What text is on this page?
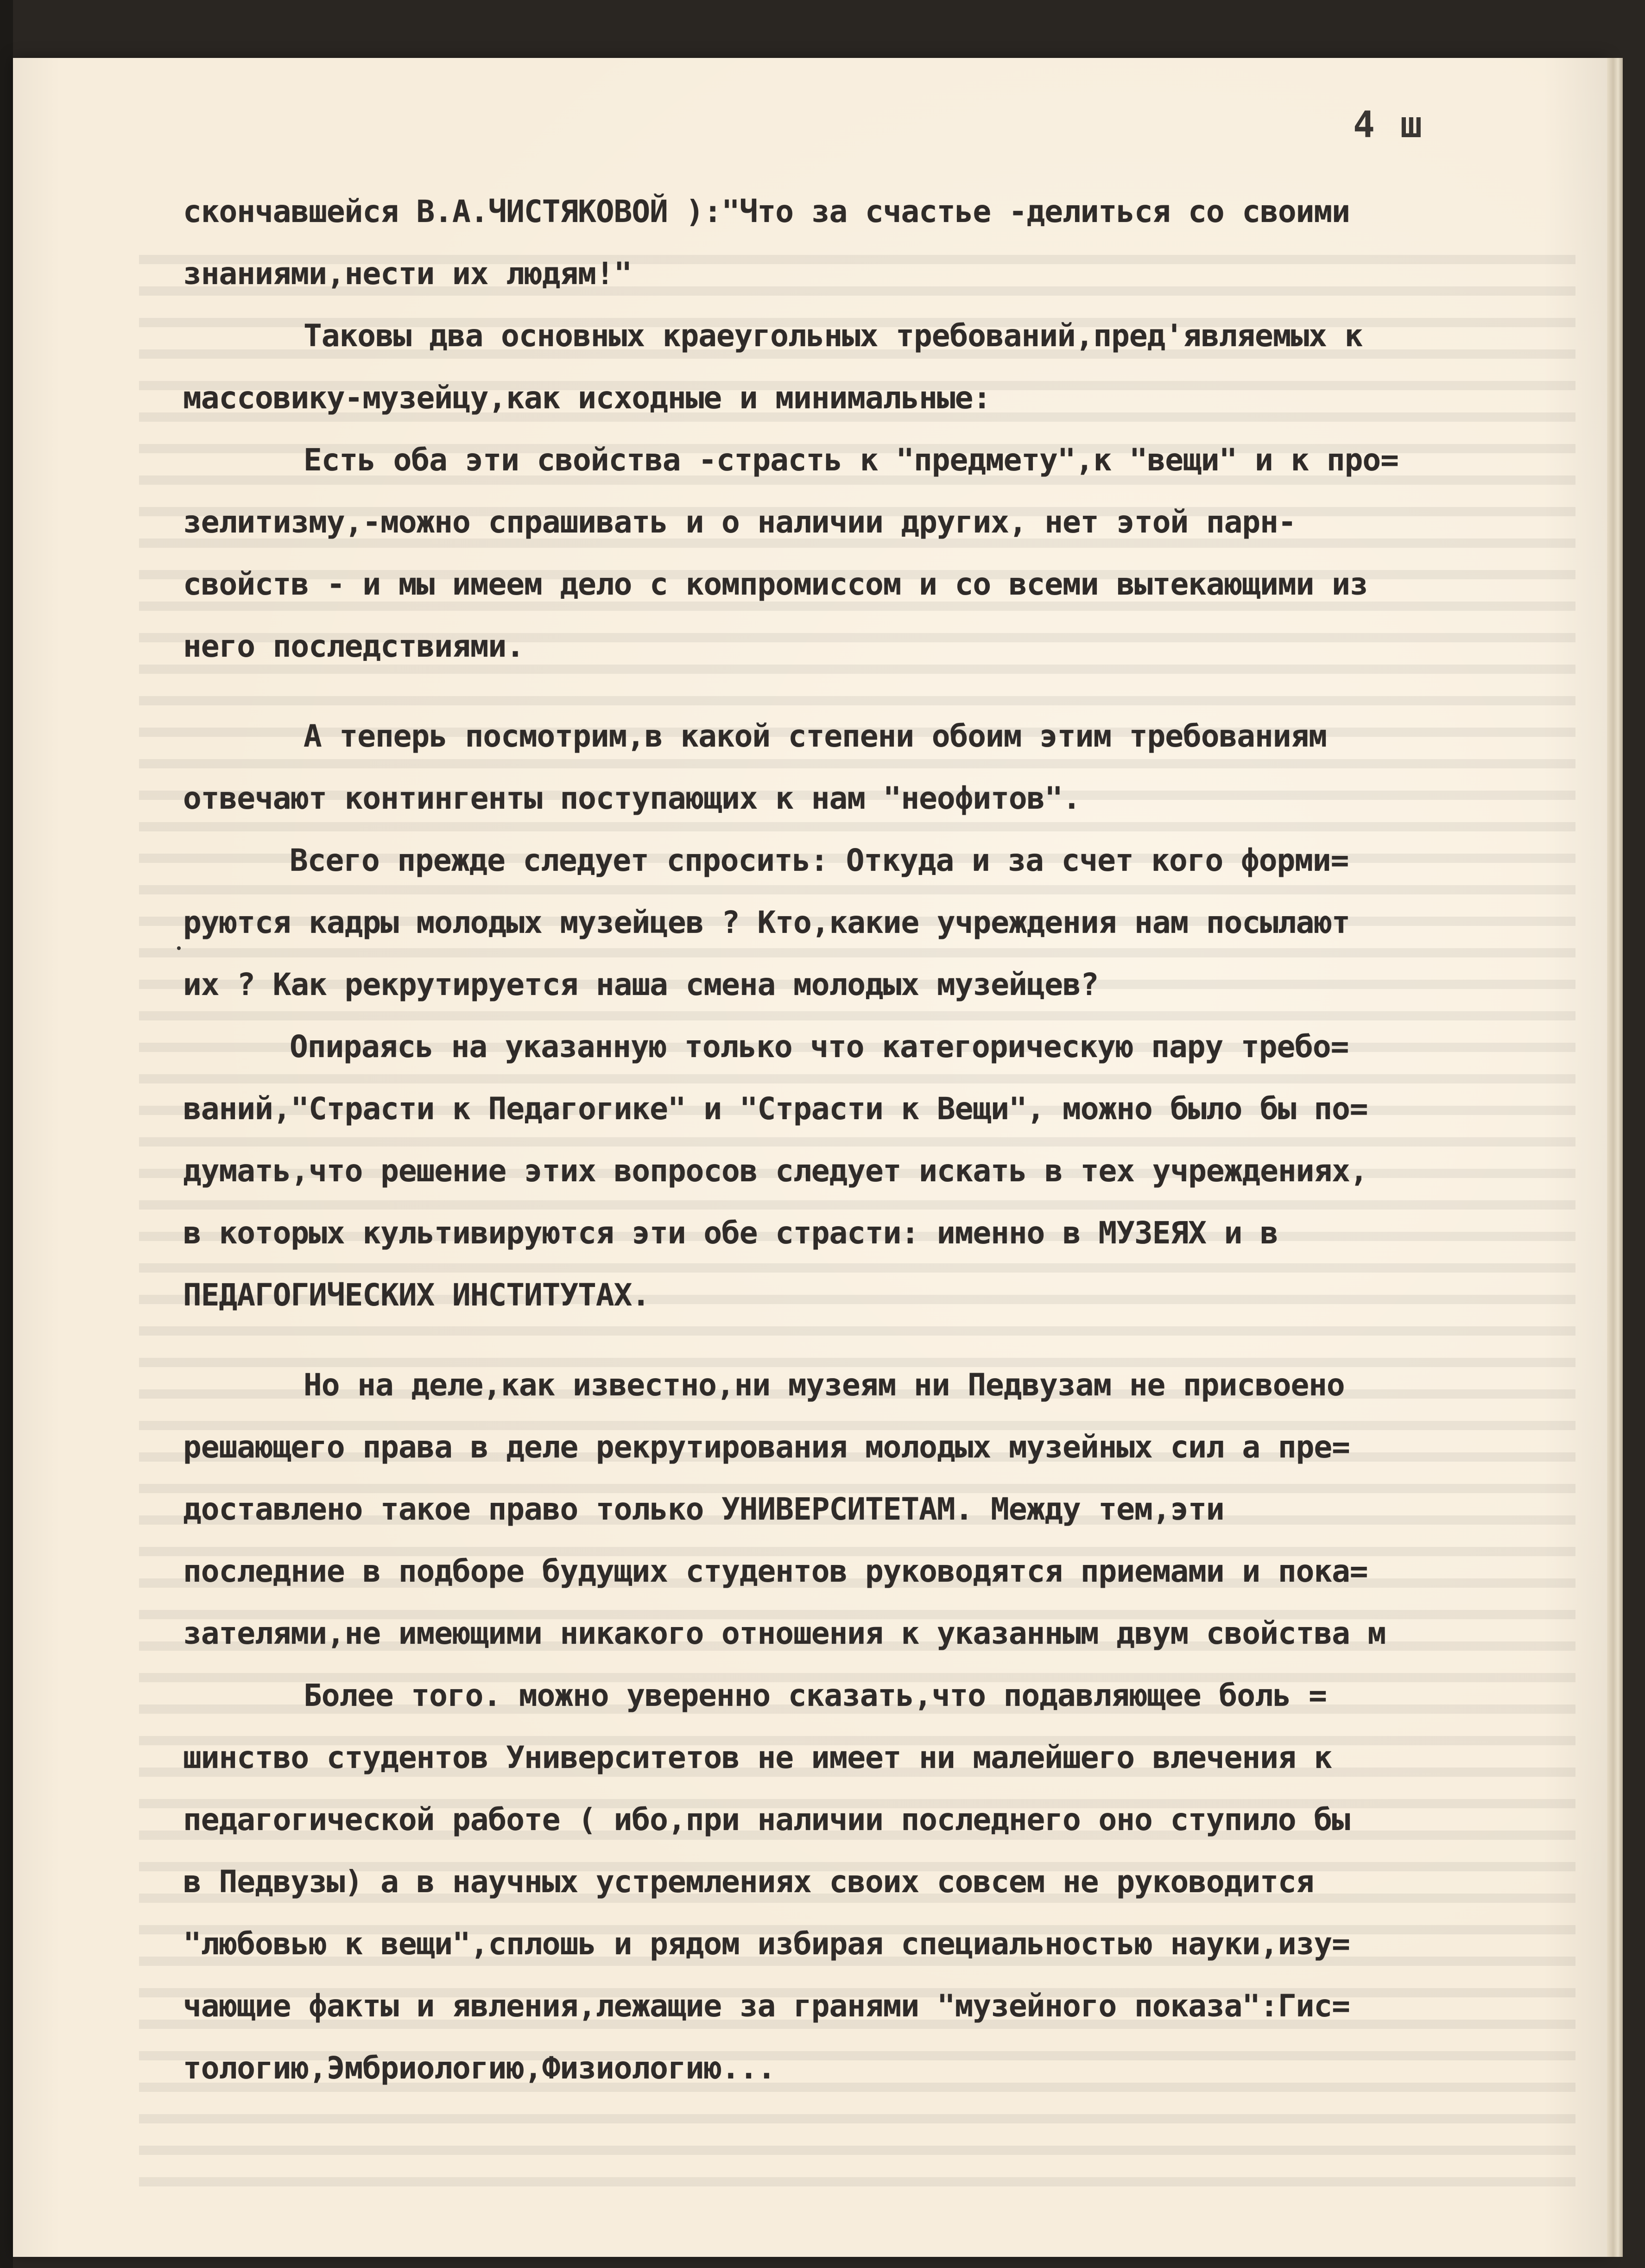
4 ш
скончавшейся В.А.ЧИСТЯКОВОЙ ):"Что за счастье -делиться со своими
знаниями,нести их людям!"
Таковы два основных краеугольных требований,пред'являемых к
массовику-музейцу,как исходные и минимальные:
Есть оба эти свойства -страсть к "предмету",к "вещи" и к про=
зелитизму,-можно спрашивать и о наличии других, нет этой парн-
свойств - и мы имеем дело с компромиссом и со всеми вытекающими из
него последствиями.
А теперь посмотрим,в какой степени обоим этим требованиям
отвечают контингенты поступающих к нам "неофитов".
Всего прежде следует спросить: Откуда и за счет кого форми=
руются кадры молодых музейцев ? Кто,какие учреждения нам посылают
их ? Как рекрутируется наша смена молодых музейцев?
Опираясь на указанную только что категорическую пару требо=
ваний,"Страсти к Педагогике" и "Страсти к Вещи", можно было бы по=
думать,что решение этих вопросов следует искать в тех учреждениях,
в которых культивируются эти обе страсти: именно в МУЗЕЯХ и в
ПЕДАГОГИЧЕСКИХ ИНСТИТУТАХ.
Но на деле,как известно,ни музеям ни Педвузам не присвоено
решающего права в деле рекрутирования молодых музейных сил а пре=
доставлено такое право только УНИВЕРСИТЕТАМ. Между тем,эти
последние в подборе будущих студентов руководятся приемами и пока=
зателями,не имеющими никакого отношения к указанным двум свойства м
Более того. можно уверенно сказать,что подавляющее боль =
шинство студентов Университетов не имеет ни малейшего влечения к
педагогической работе ( ибо,при наличии последнего оно ступило бы
в Педвузы) а в научных устремлениях своих совсем не руководится
"любовью к вещи",сплошь и рядом избирая специальностью науки,изу=
чающие факты и явления,лежащие за гранями "музейного показа":Гис=
тологию,Эмбриологию,Физиологию...
